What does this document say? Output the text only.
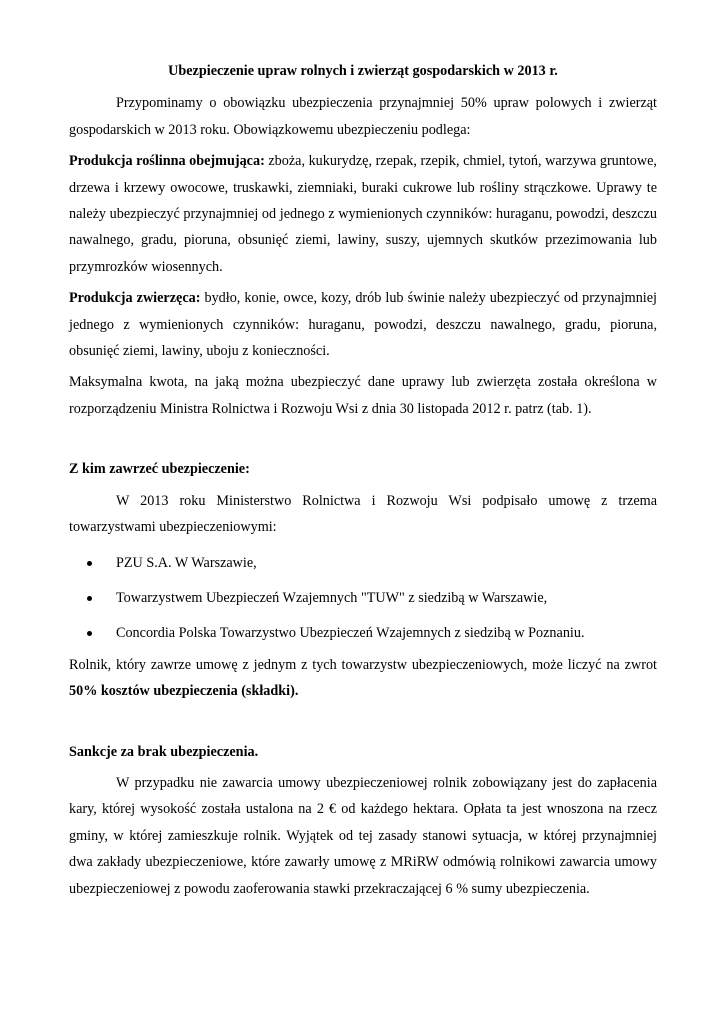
Ubezpieczenie upraw rolnych i zwierząt gospodarskich w 2013 r.

Przypominamy o obowiązku ubezpieczenia przynajmniej 50% upraw polowych i zwierząt gospodarskich w 2013 roku. Obowiązkowemu ubezpieczeniu podlega:

Produkcja roślinna obejmująca: zboża, kukurydzę, rzepak, rzepik, chmiel, tytoń, warzywa gruntowe, drzewa i krzewy owocowe, truskawki, ziemniaki, buraki cukrowe lub rośliny strączkowe. Uprawy te należy ubezpieczyć przynajmniej od jednego z wymienionych czynników: huraganu, powodzi, deszczu nawalnego, gradu, pioruna, obsunięć ziemi, lawiny, suszy, ujemnych skutków przezimowania lub przymrozków wiosennych.

Produkcja zwierzęca: bydło, konie, owce, kozy, drób lub świnie należy ubezpieczyć od przynajmniej jednego z wymienionych czynników: huraganu, powodzi, deszczu nawalnego, gradu, pioruna, obsunięć ziemi, lawiny, uboju z konieczności.

Maksymalna kwota, na jaką można ubezpieczyć dane uprawy lub zwierzęta została określona w rozporządzeniu Ministra Rolnictwa i Rozwoju Wsi z dnia 30 listopada 2012 r. patrz (tab. 1).

Z kim zawrzeć ubezpieczenie:

W 2013 roku Ministerstwo Rolnictwa i Rozwoju Wsi podpisało umowę z trzema towarzystwami ubezpieczeniowymi:

PZU S.A. W Warszawie,
Towarzystwem Ubezpieczeń Wzajemnych "TUW" z siedzibą w Warszawie,
Concordia Polska Towarzystwo Ubezpieczeń Wzajemnych z siedzibą w Poznaniu.

Rolnik, który zawrze umowę z jednym z tych towarzystw ubezpieczeniowych, może liczyć na zwrot 50% kosztów ubezpieczenia (składki).

Sankcje za brak ubezpieczenia.

W przypadku nie zawarcia umowy ubezpieczeniowej rolnik zobowiązany jest do zapłacenia kary, której wysokość została ustalona na 2 € od każdego hektara. Opłata ta jest wnoszona na rzecz gminy, w której zamieszkuje rolnik. Wyjątek od tej zasady stanowi sytuacja, w której przynajmniej dwa zakłady ubezpieczeniowe, które zawarły umowę z MRiRW odmówią rolnikowi zawarcia umowy ubezpieczeniowej z powodu zaoferowania stawki przekraczającej 6 % sumy ubezpieczenia.
